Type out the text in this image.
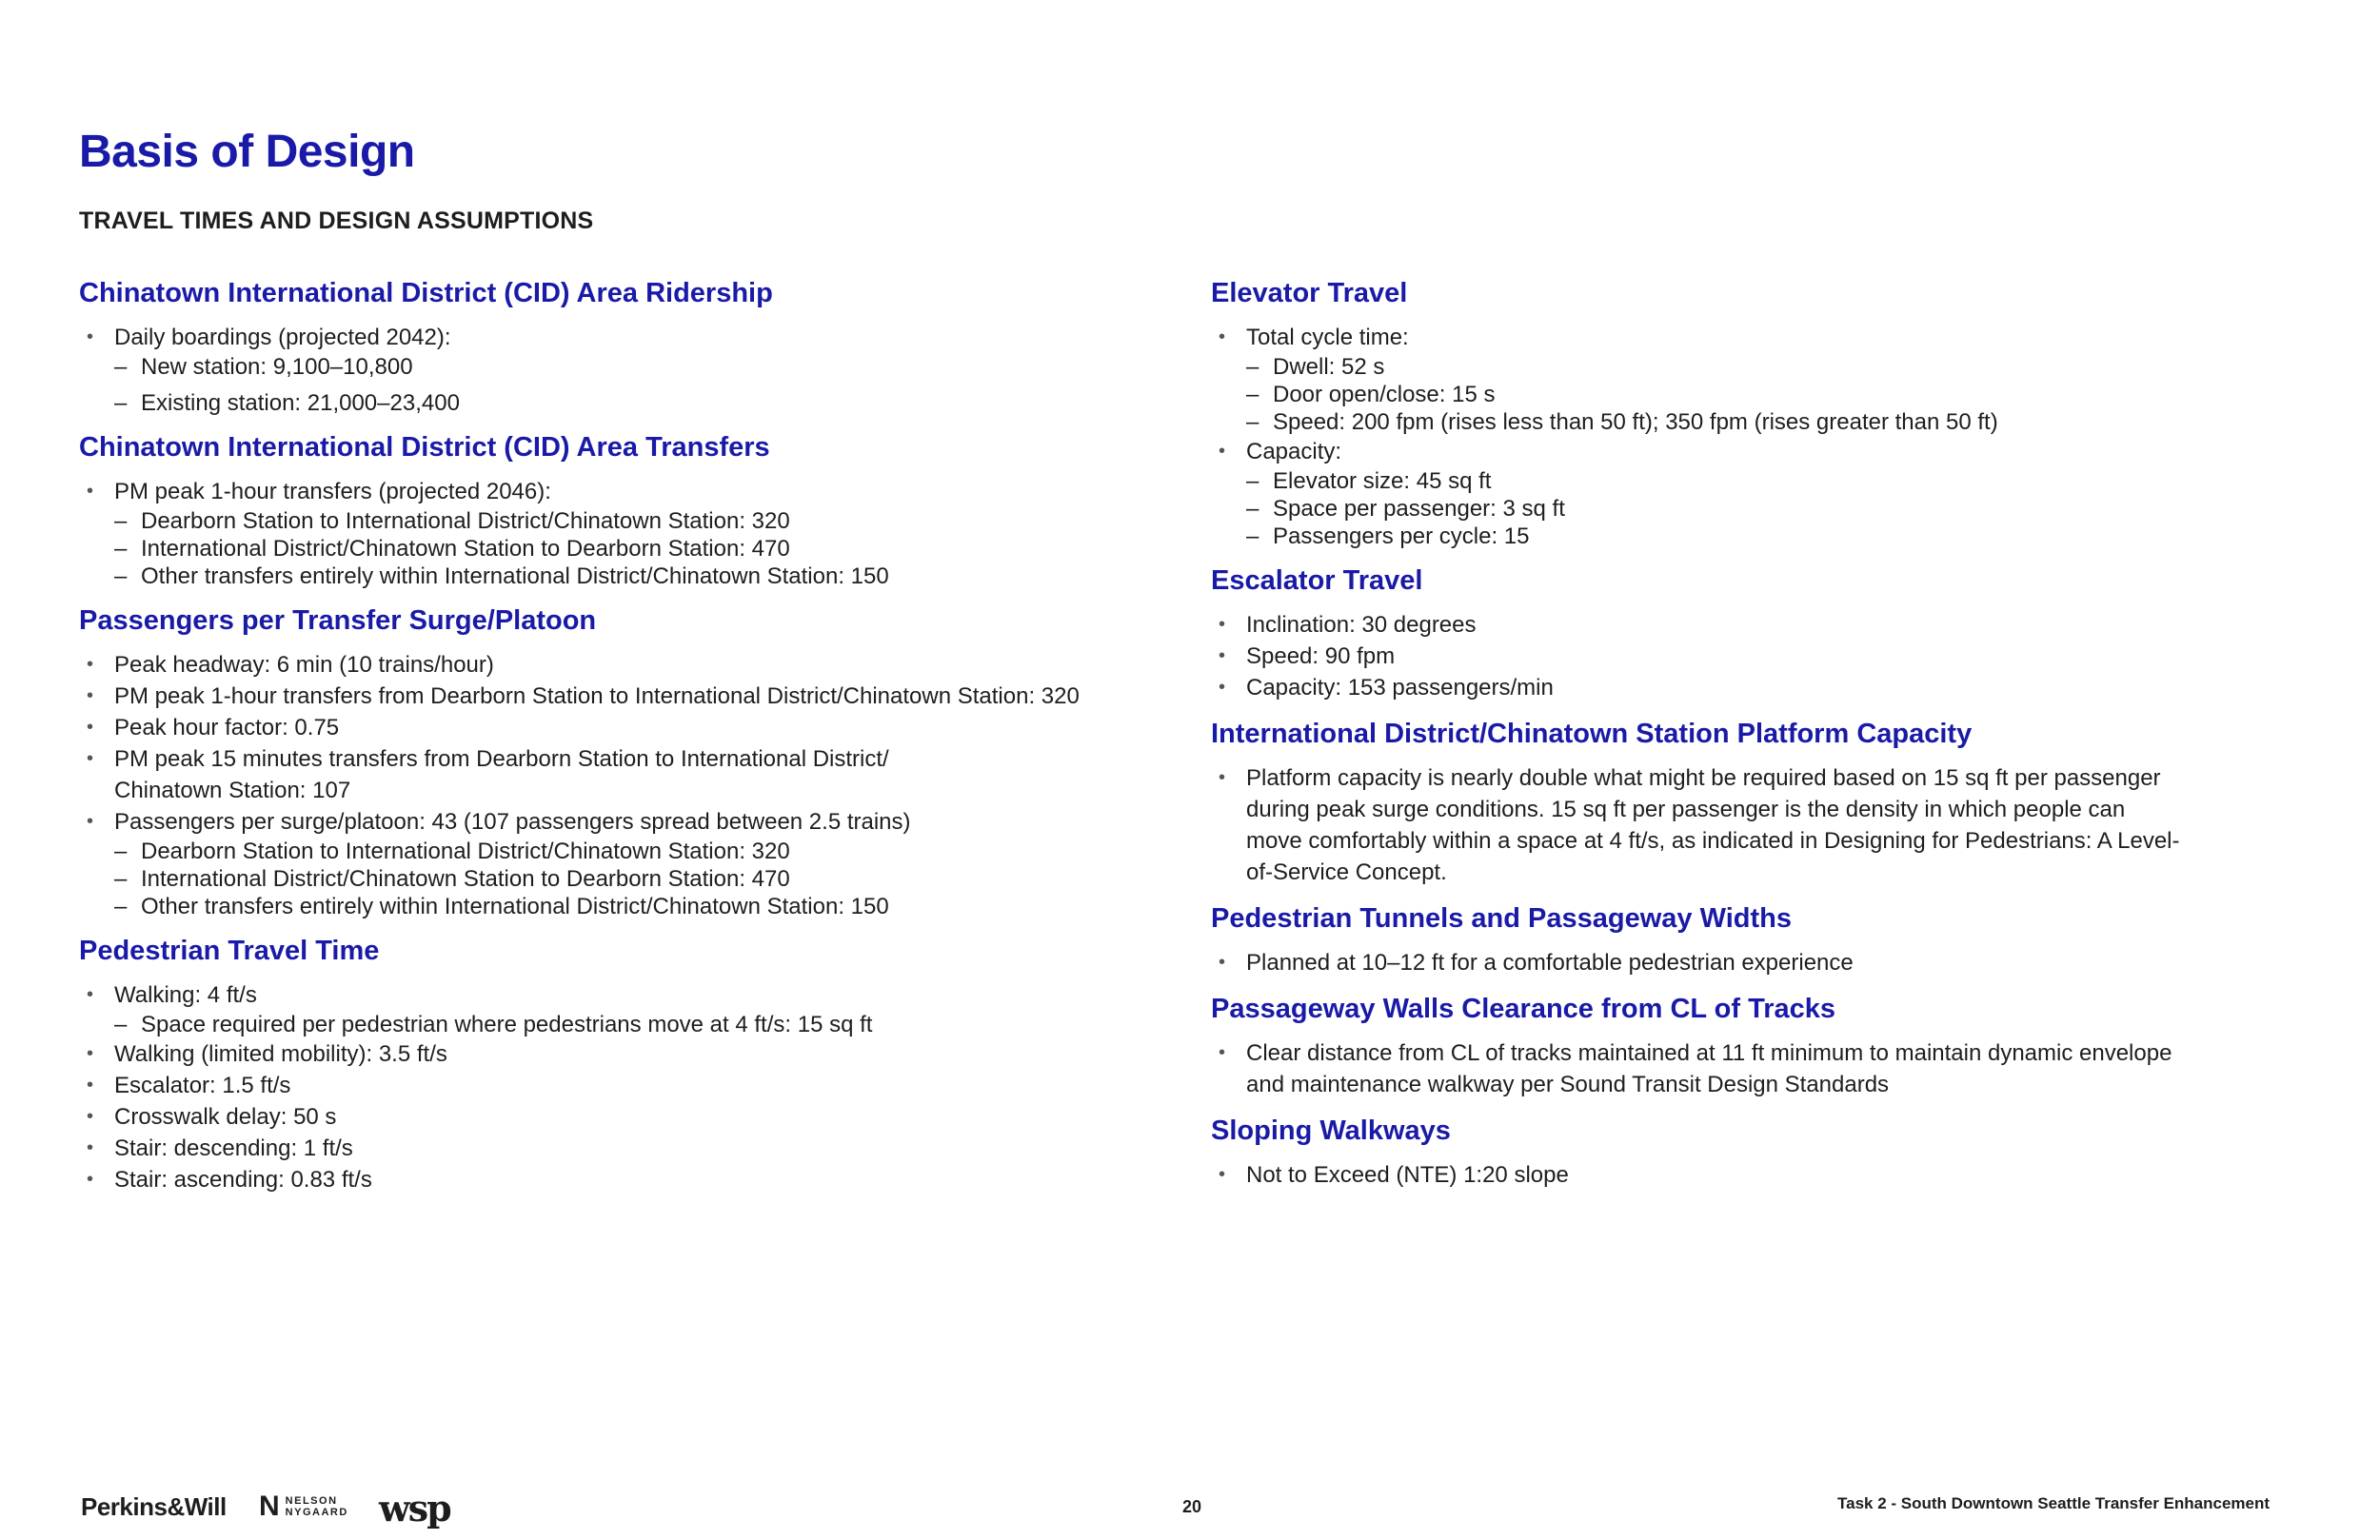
Basis of Design
TRAVEL TIMES AND DESIGN ASSUMPTIONS
Chinatown International District (CID) Area Ridership
• Daily boardings (projected 2042):
– New station: 9,100–10,800
– Existing station: 21,000–23,400
Chinatown International District (CID) Area Transfers
• PM peak 1-hour transfers (projected 2046):
– Dearborn Station to International District/Chinatown Station: 320
– International District/Chinatown Station to Dearborn Station: 470
– Other transfers entirely within International District/Chinatown Station: 150
Passengers per Transfer Surge/Platoon
• Peak headway: 6 min (10 trains/hour)
• PM peak 1-hour transfers from Dearborn Station to International District/Chinatown Station: 320
• Peak hour factor: 0.75
• PM peak 15 minutes transfers from Dearborn Station to International District/ Chinatown Station: 107
• Passengers per surge/platoon: 43 (107 passengers spread between 2.5 trains)
– Dearborn Station to International District/Chinatown Station: 320
– International District/Chinatown Station to Dearborn Station: 470
– Other transfers entirely within International District/Chinatown Station: 150
Pedestrian Travel Time
• Walking: 4 ft/s
– Space required per pedestrian where pedestrians move at 4 ft/s: 15 sq ft
• Walking (limited mobility): 3.5 ft/s
• Escalator: 1.5 ft/s
• Crosswalk delay: 50 s
• Stair: descending: 1 ft/s
• Stair: ascending: 0.83 ft/s
Elevator Travel
• Total cycle time:
– Dwell: 52 s
– Door open/close: 15 s
– Speed: 200 fpm (rises less than 50 ft); 350 fpm (rises greater than 50 ft)
• Capacity:
– Elevator size: 45 sq ft
– Space per passenger: 3 sq ft
– Passengers per cycle: 15
Escalator Travel
• Inclination: 30 degrees
• Speed: 90 fpm
• Capacity: 153 passengers/min
International District/Chinatown Station Platform Capacity
• Platform capacity is nearly double what might be required based on 15 sq ft per passenger during peak surge conditions. 15 sq ft per passenger is the density in which people can move comfortably within a space at 4 ft/s, as indicated in Designing for Pedestrians: A Level-of-Service Concept.
Pedestrian Tunnels and Passageway Widths
• Planned at 10–12 ft for a comfortable pedestrian experience
Passageway Walls Clearance from CL of Tracks
• Clear distance from CL of tracks maintained at 11 ft minimum to maintain dynamic envelope and maintenance walkway per Sound Transit Design Standards
Sloping Walkways
• Not to Exceed (NTE) 1:20 slope
Perkins&Will N NELSON
NYGAARD wsp	20	Task 2 - South Downtown Seattle Transfer Enhancement
